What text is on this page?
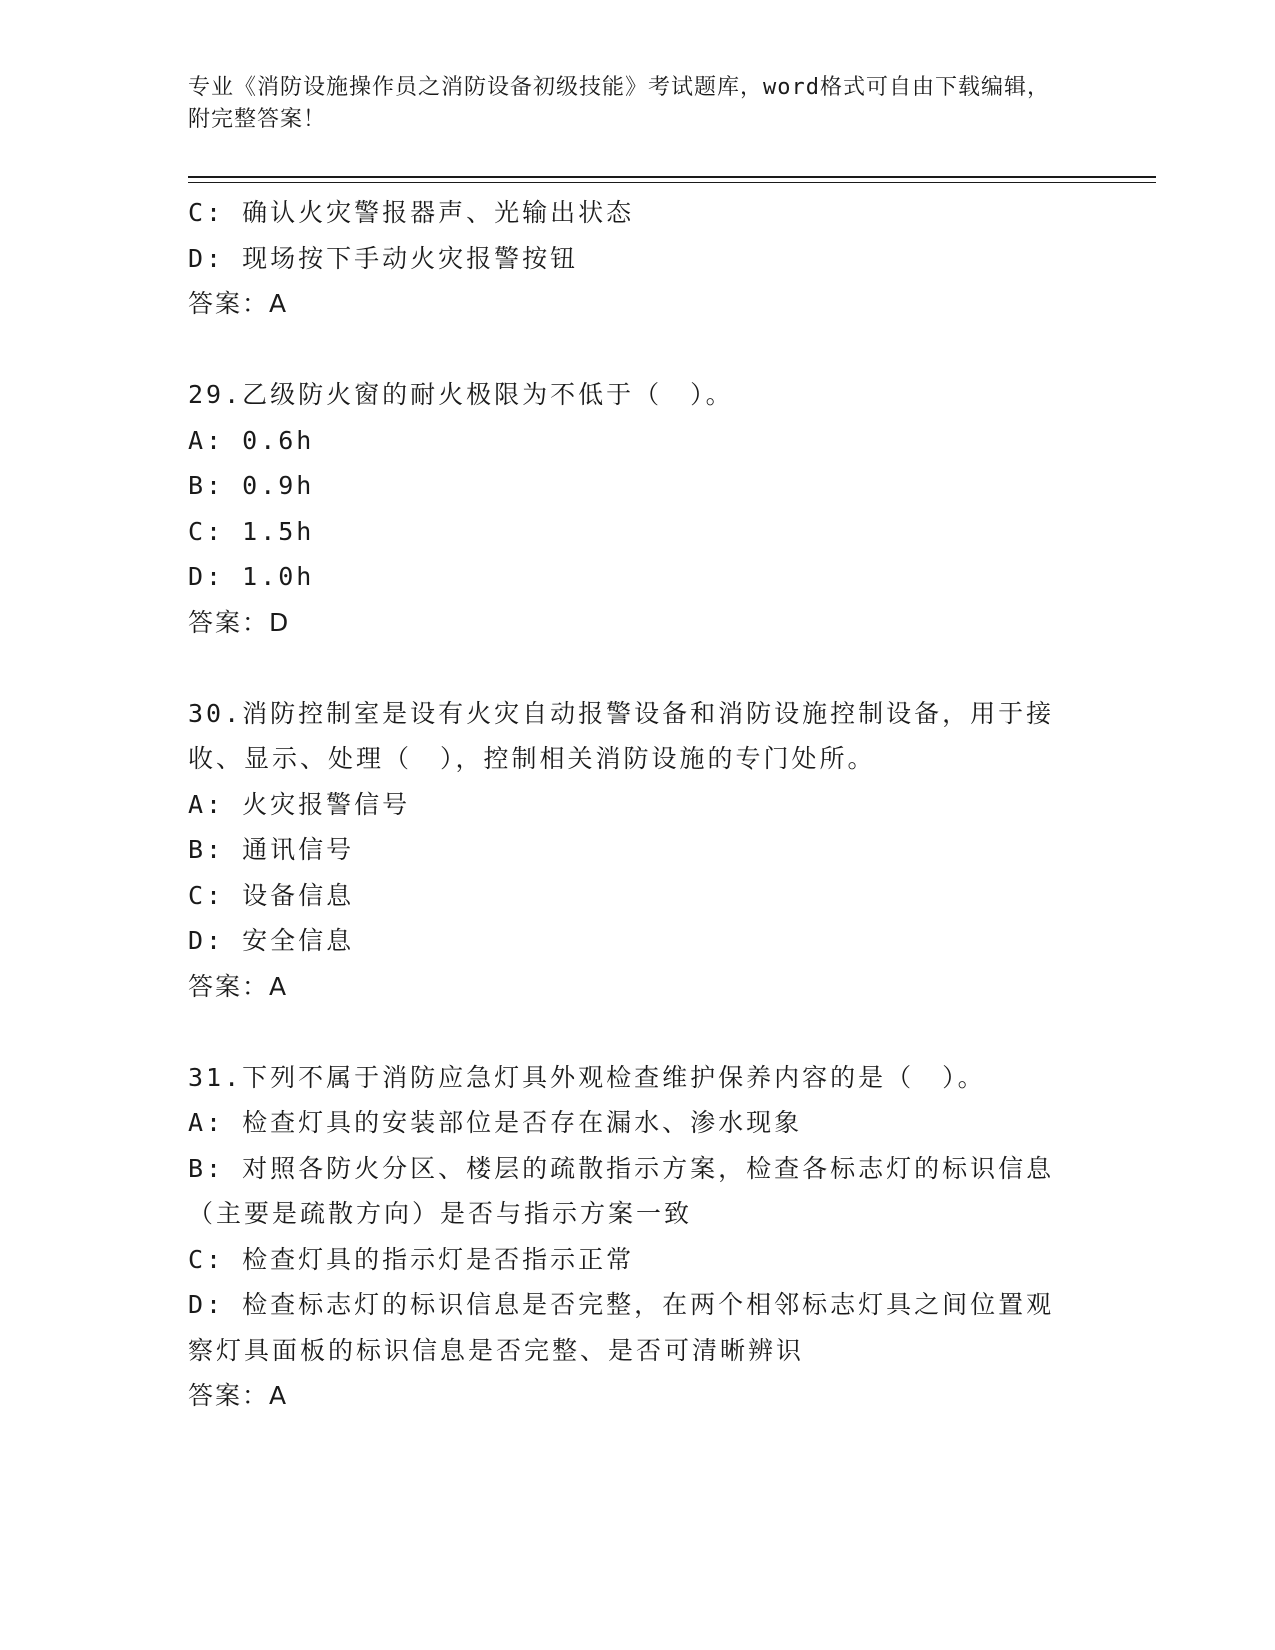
专业《消防设施操作员之消防设备初级技能》考试题库，word格式可自由下载编辑，附完整答案！
C: 确认火灾警报器声、光输出状态
D: 现场按下手动火灾报警按钮
答案：A
29.乙级防火窗的耐火极限为不低于（　）。
A: 0.6h
B: 0.9h
C: 1.5h
D: 1.0h
答案：D
30.消防控制室是设有火灾自动报警设备和消防设施控制设备，用于接
收、显示、处理（　），控制相关消防设施的专门处所。
A: 火灾报警信号
B: 通讯信号
C: 设备信息
D: 安全信息
答案：A
31.下列不属于消防应急灯具外观检查维护保养内容的是（　）。
A: 检查灯具的安装部位是否存在漏水、渗水现象
B: 对照各防火分区、楼层的疏散指示方案，检查各标志灯的标识信息
（主要是疏散方向）是否与指示方案一致
C: 检查灯具的指示灯是否指示正常
D: 检查标志灯的标识信息是否完整，在两个相邻标志灯具之间位置观
察灯具面板的标识信息是否完整、是否可清晰辨识
答案：A
